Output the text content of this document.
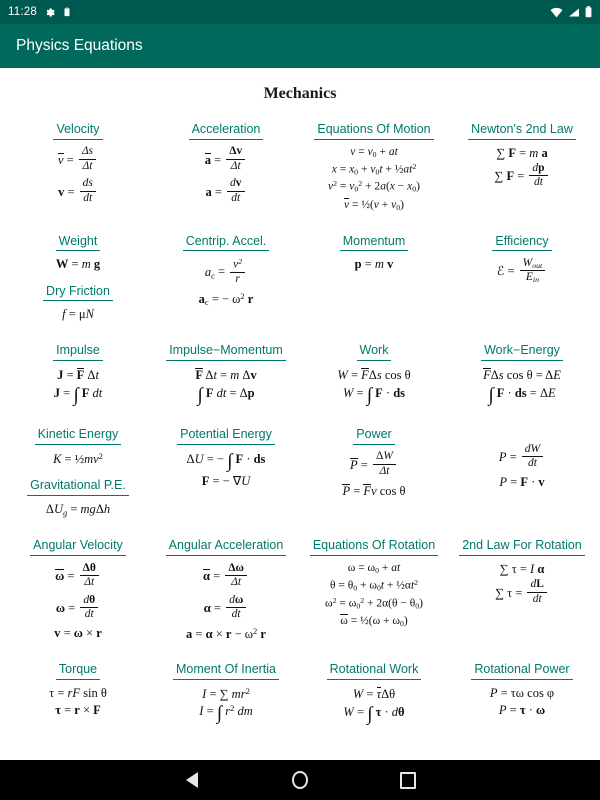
11:28
Physics Equations
Mechanics
Velocity
$v = \frac{\Delta s}{\Delta t}$
$v = \frac{ds}{dt}$
Acceleration
$a = \frac{\Delta v}{\Delta t}$
$a = \frac{dv}{dt}$
Equations Of Motion
$v = v_0$ + at
$x = x_0 + v_0t$ + $\frac{1}{2}at^2$
$v^2 = v_0^2 + 2a(x - x_0)$
v = ½(v + $v_0$)
Newton's 2nd Law
∑ F = m a
∑ $F = \frac{dp}{dt}$
Weight
W = m g
Dry Friction
f = μN
Centrip. Accel.
$a_c = \frac{v^2}{r}$
$a_c$ = − $\omega^2$ r
Momentum
p = m v
Efficiency
ℰ = $\frac{W_{out}}{E_{in}}$
Impulse
J = F Δt
J = ∫ F dt
Impulse−Momentum
F Δt = m Δv
∫ F dt = Δp
Work
W = FΔs cos θ
W = ∫ F · ds
Work−Energy
FΔs cos θ = ΔE
∫ F · ds = ΔE
Kinetic Energy
$K = \frac{1}{2}mv^2$
Gravitational P.E.
$\Delta U_g = mg\Delta h$
Potential Energy
ΔU = − ∫ F · ds
F = − ∇U
Power
$P = \frac{\Delta W}{\Delta t}$
P = Fv cos θ
$P = \frac{dW}{dt}$
P = F · v
Angular Velocity
$\omega = \frac{\Delta\theta}{\Delta t}$
$\omega = \frac{d\theta}{dt}$
v = ω × r
Angular Acceleration
$\alpha = \frac{\Delta\omega}{\Delta t}$
$\alpha = \frac{d\omega}{dt}$
$a = \alpha \times r - \omega^2$ r
Equations Of Rotation
$\omega = \omega_0$ + at
$\theta = \theta_0 + \omega_0t$ + $\frac{1}{2}\alpha t^2$
$\omega^2 = \omega_0^2 + 2\alpha(\theta - \theta_0)$
ω = ½(ω + $\omega_0$)
2nd Law For Rotation
∑ τ = I α
∑ $\tau = \frac{dL}{dt}$
Torque
τ = rF sin θ
τ = r × F
Moment Of Inertia
I = ∑ $mr^2$
I = ∫ $r^2$ dm
Rotational Work
W = τΔθ
W = ∫ τ · dθ
Rotational Power
P = τω cos φ
P = τ · ω
